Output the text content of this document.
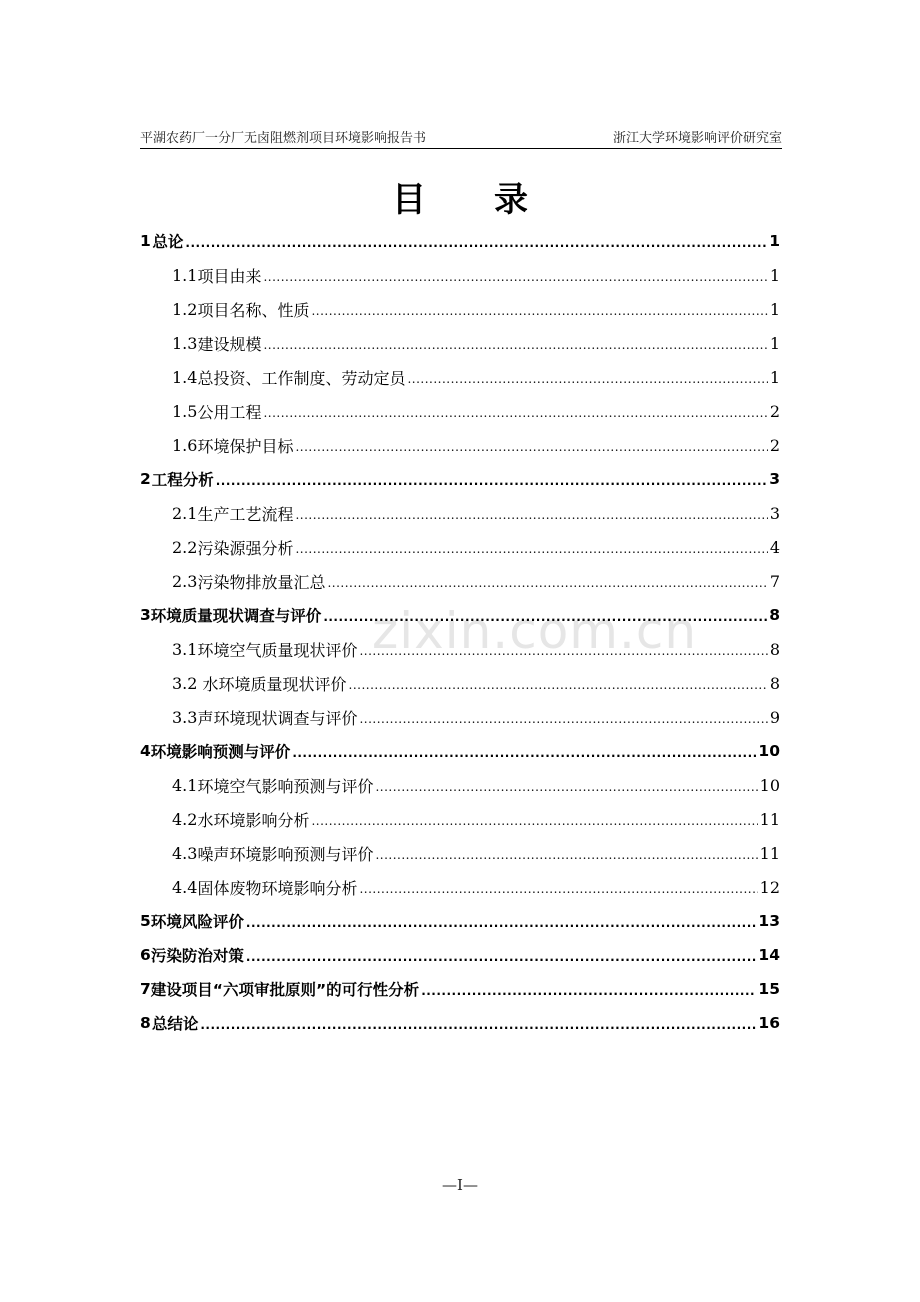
平湖农药厂一分厂无卤阻燃剂项目环境影响报告书	浙江大学环境影响评价研究室
zixin.com.cn
目 录
1 总论 .....	1
1.1 项目由来 .....	1
1.2 项目名称、性质 .....	1
1.3 建设规模 .....	1
1.4 总投资、工作制度、劳动定员 .....	1
1.5 公用工程 .....	2
1.6 环境保护目标 .....	2
2 工程分析 .....	3
2.1 生产工艺流程 .....	3
2.2 污染源强分析 .....	4
2.3 污染物排放量汇总 .....	7
3 环境质量现状调查与评价 .....	8
3.1 环境空气质量现状评价 .....	8
3.2 水环境质量现状评价 .....	8
3.3 声环境现状调查与评价 .....	9
4 环境影响预测与评价 .....	10
4.1 环境空气影响预测与评价 .....	10
4.2 水环境影响分析 .....	11
4.3 噪声环境影响预测与评价 .....	11
4.4 固体废物环境影响分析 .....	12
5 环境风险评价 .....	13
6 污染防治对策 .....	14
7 建设项目“六项审批原则”的可行性分析 .....	15
8 总结论 .....	16
—I—
